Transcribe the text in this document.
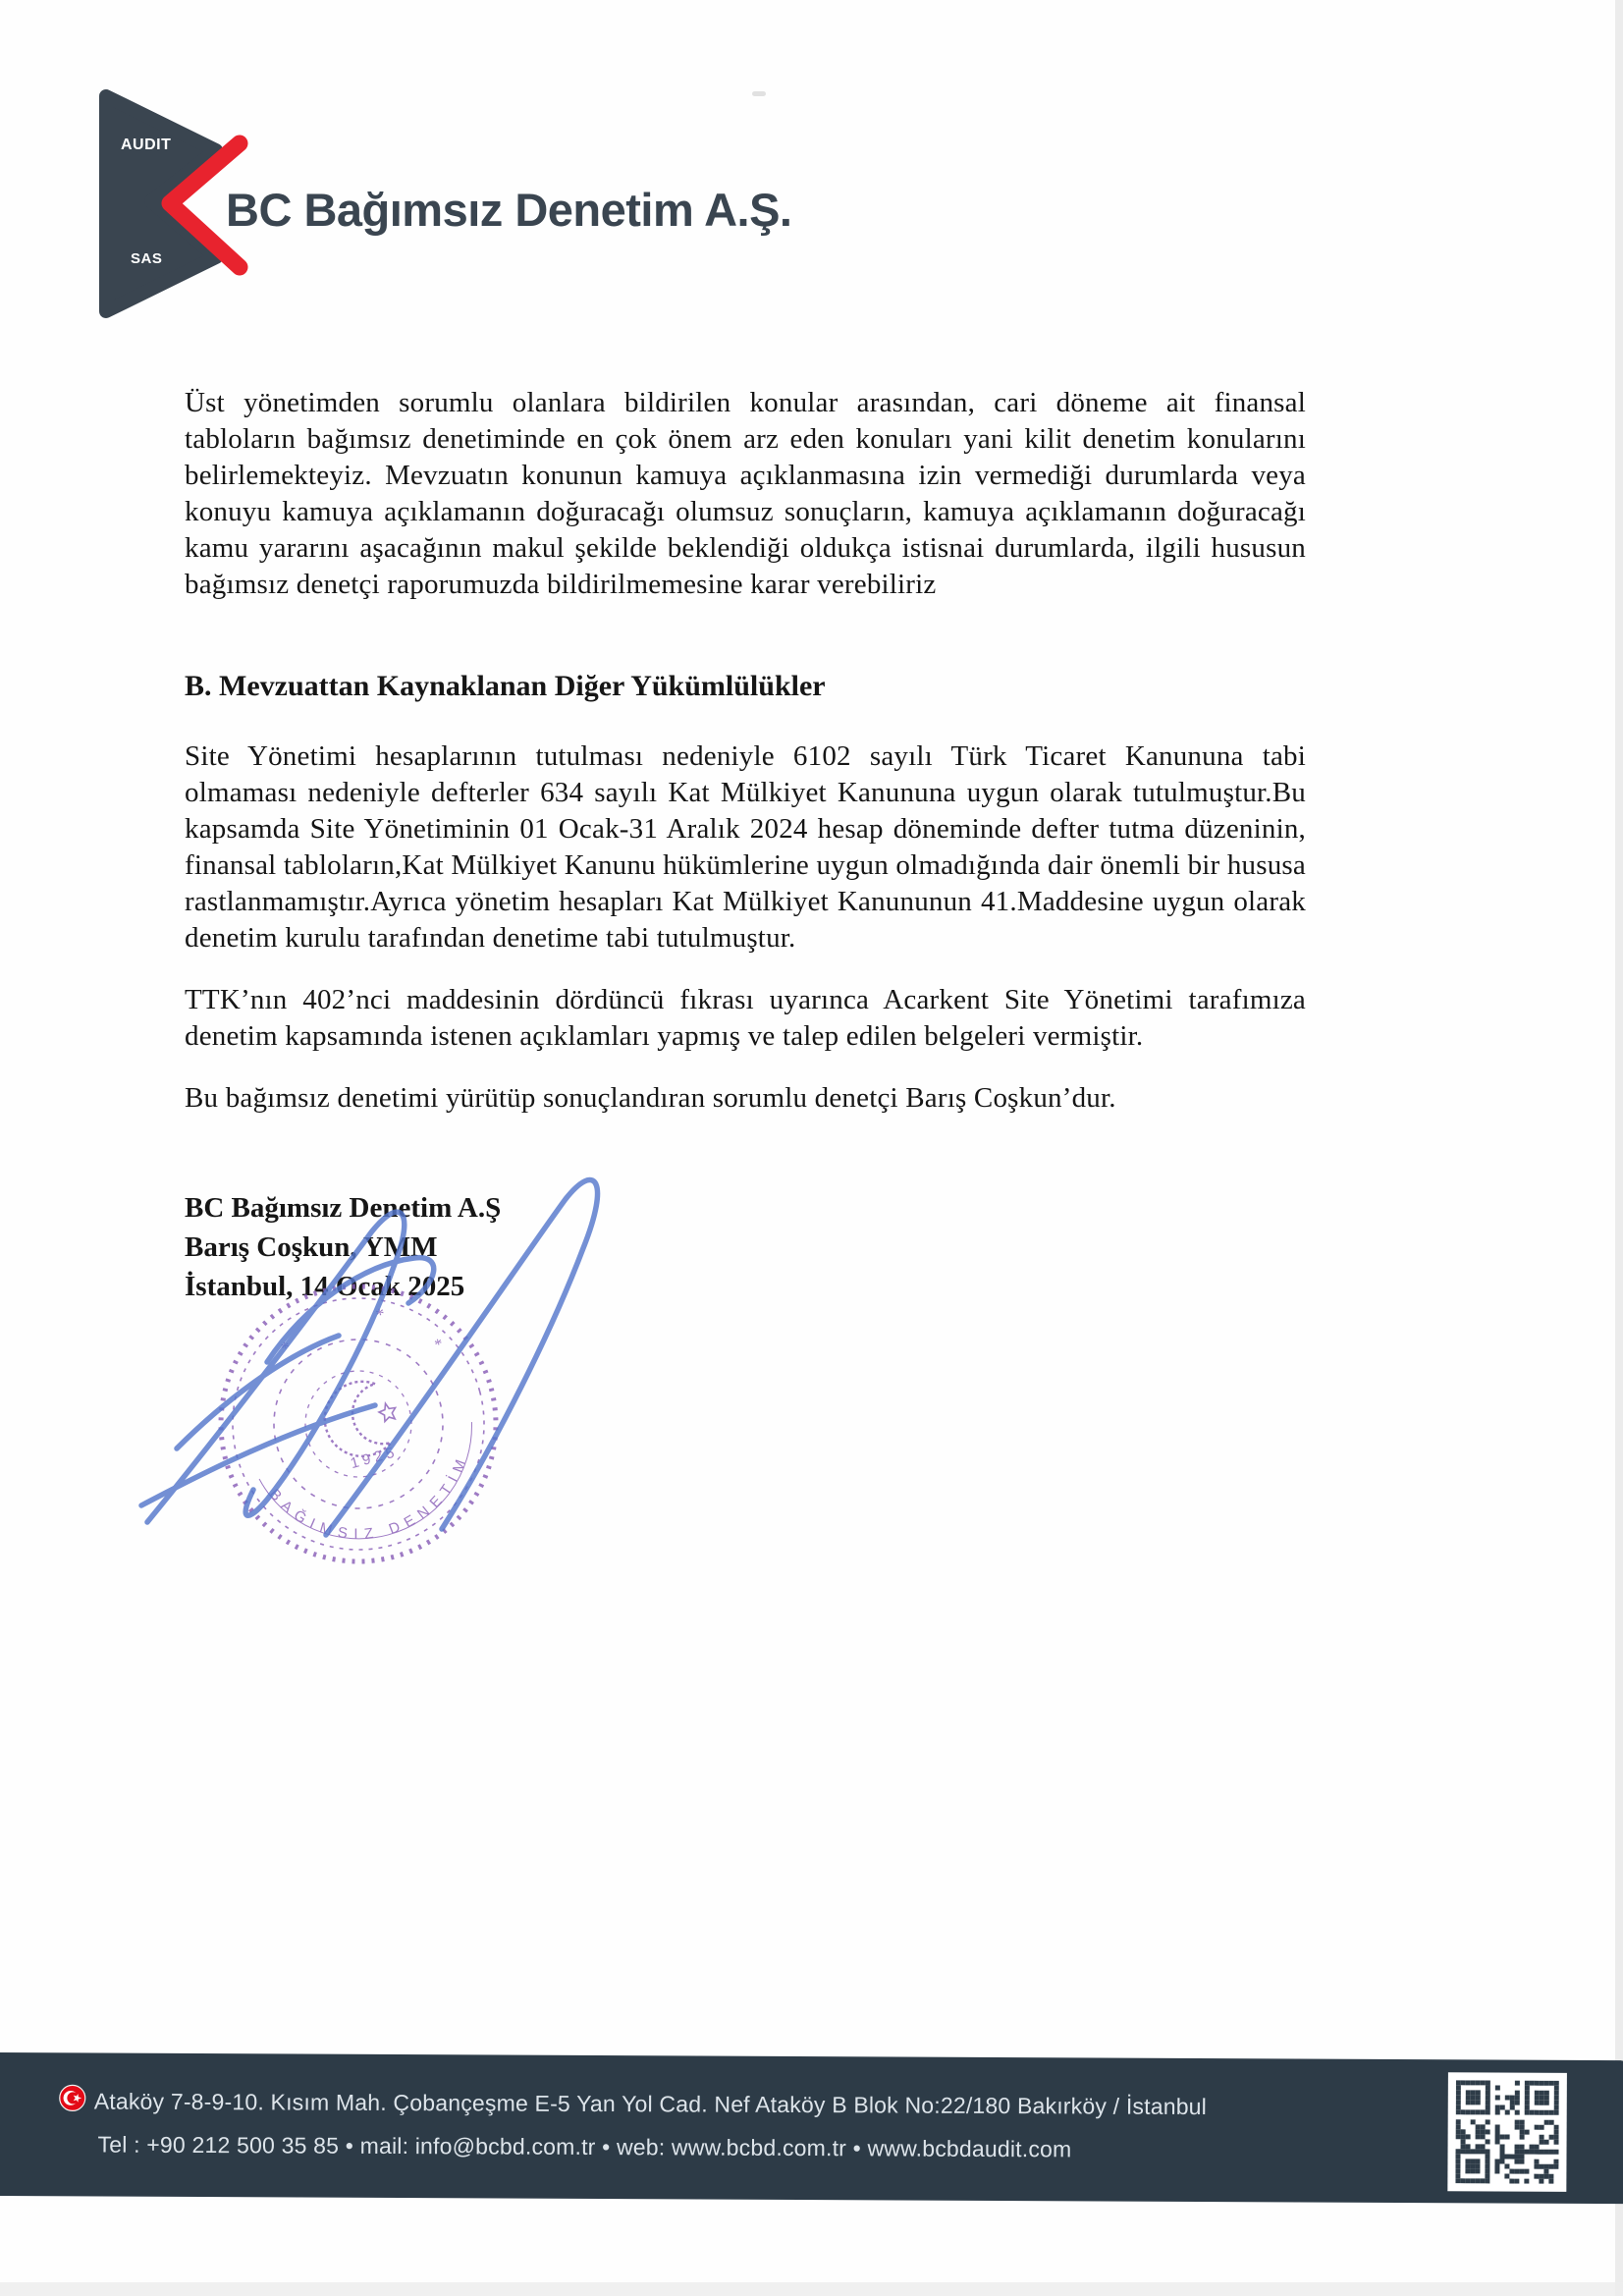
AUDIT
SAS
BC Bağımsız Denetim A.Ş.
Üst yönetimden sorumlu olanlara bildirilen konular arasından, cari döneme ait finansal tabloların bağımsız denetiminde en çok önem arz eden konuları yani kilit denetim konularını belirlemekteyiz. Mevzuatın konunun kamuya açıklanmasına izin vermediği durumlarda veya konuyu kamuya açıklamanın doğuracağı olumsuz sonuçların, kamuya açıklamanın doğuracağı kamu yararını aşacağının makul şekilde beklendiği oldukça istisnai durumlarda, ilgili hususun bağımsız denetçi raporumuzda bildirilmemesine karar verebiliriz
B. Mevzuattan Kaynaklanan Diğer Yükümlülükler
Site Yönetimi hesaplarının tutulması nedeniyle 6102 sayılı Türk Ticaret Kanununa tabi olmaması nedeniyle defterler 634 sayılı Kat Mülkiyet Kanununa uygun olarak tutulmuştur.Bu kapsamda Site Yönetiminin 01 Ocak-31 Aralık 2024 hesap döneminde defter tutma düzeninin, finansal tabloların,Kat Mülkiyet Kanunu hükümlerine uygun olmadığında dair önemli bir hususa rastlanmamıştır.Ayrıca yönetim hesapları Kat Mülkiyet Kanununun 41.Maddesine uygun olarak denetim kurulu tarafından denetime tabi tutulmuştur.
TTK’nın 402’nci maddesinin dördüncü fıkrası uyarınca Acarkent Site Yönetimi tarafımıza denetim kapsamında istenen açıklamları yapmış ve talep edilen belgeleri vermiştir.
Bu bağımsız denetimi yürütüp sonuçlandıran sorumlu denetçi Barış Coşkun’dur.
BC Bağımsız Denetim A.Ş
Barış Coşkun, YMM
İstanbul, 14 Ocak 2025
1925
*
*
*
BAĞIMSIZ DENETİM
Ataköy 7-8-9-10. Kısım Mah. Çobançeşme E-5 Yan Yol Cad. Nef Ataköy B Blok No:22/180 Bakırköy / İstanbul
Tel : +90 212 500 35 85 • mail: info@bcbd.com.tr • web: www.bcbd.com.tr • www.bcbdaudit.com
